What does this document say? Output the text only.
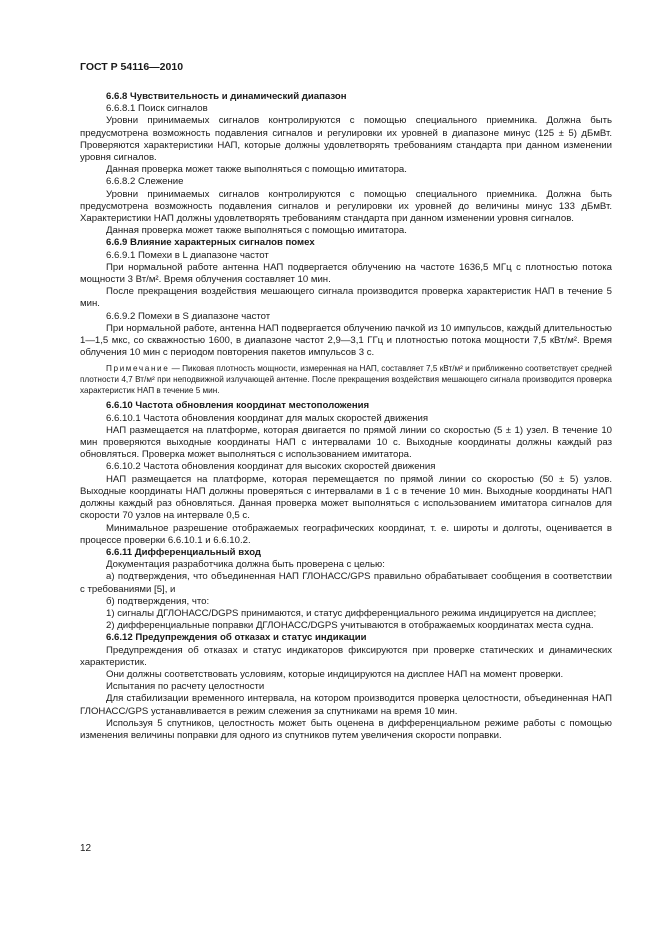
ГОСТ Р 54116—2010

6.6.8 Чувствительность и динамический диапазон

6.6.8.1 Поиск сигналов

Уровни принимаемых сигналов контролируются с помощью специального приемника. Должна быть предусмотрена возможность подавления сигналов и регулировки их уровней в диапазоне минус (125 ± 5) дБмВт. Проверяются характеристики НАП, которые должны удовлетворять требованиям стандарта при данном изменении уровня сигналов.

Данная проверка может также выполняться с помощью имитатора.

6.6.8.2 Слежение

Уровни принимаемых сигналов контролируются с помощью специального приемника. Должна быть предусмотрена возможность подавления сигналов и регулировки их уровней до величины минус 133 дБмВт. Характеристики НАП должны удовлетворять требованиям стандарта при данном изменении уровня сигналов.

Данная проверка может также выполняться с помощью имитатора.

6.6.9 Влияние характерных сигналов помех

6.6.9.1 Помехи в L диапазоне частот

При нормальной работе антенна НАП подвергается облучению на частоте 1636,5 МГц с плотностью потока мощности 3 Вт/м². Время облучения составляет 10 мин.

После прекращения воздействия мешающего сигнала производится проверка характеристик НАП в течение 5 мин.

6.6.9.2 Помехи в S диапазоне частот

При нормальной работе, антенна НАП подвергается облучению пачкой из 10 импульсов, каждый длительностью 1—1,5 мкс, со скважностью 1600, в диапазоне частот 2,9—3,1 ГГц и плотностью потока мощности 7,5 кВт/м². Время облучения 10 мин с периодом повторения пакетов импульсов 3 с.

Примечание — Пиковая плотность мощности, измеренная на НАП, составляет 7,5 кВт/м² и приближенно соответствует средней плотности 4,7 Вт/м² при неподвижной излучающей антенне. После прекращения воздействия мешающего сигнала производится проверка характеристик НАП в течение 5 мин.

6.6.10 Частота обновления координат местоположения

6.6.10.1 Частота обновления координат для малых скоростей движения

НАП размещается на платформе, которая двигается по прямой линии со скоростью (5 ± 1) узел. В течение 10 мин проверяются выходные координаты НАП с интервалами 10 с. Выходные координаты должны каждый раз обновляться. Проверка может выполняться с использованием имитатора.

6.6.10.2 Частота обновления координат для высоких скоростей движения

НАП размещается на платформе, которая перемещается по прямой линии со скоростью (50 ± 5) узлов. Выходные координаты НАП должны проверяться с интервалами в 1 с в течение 10 мин. Выходные координаты НАП должны каждый раз обновляться. Данная проверка может выполняться с использованием имитатора сигналов для скорости 70 узлов на интервале 0,5 с.

Минимальное разрешение отображаемых географических координат, т. е. широты и долготы, оценивается в процессе проверки 6.6.10.1 и 6.6.10.2.

6.6.11 Дифференциальный вход

Документация разработчика должна быть проверена с целью:

а) подтверждения, что объединенная НАП ГЛОНАСС/GPS правильно обрабатывает сообщения в соответствии с требованиями [5], и

б) подтверждения, что:

1) сигналы ДГЛОНАСС/DGPS принимаются, и статус дифференциального режима индицируется на дисплее;

2) дифференциальные поправки ДГЛОНАСС/DGPS учитываются в отображаемых координатах места судна.

6.6.12 Предупреждения об отказах и статус индикации

Предупреждения об отказах и статус индикаторов фиксируются при проверке статических и динамических характеристик.

Они должны соответствовать условиям, которые индицируются на дисплее НАП на момент проверки.

Испытания по расчету целостности

Для стабилизации временного интервала, на котором производится проверка целостности, объединенная НАП ГЛОНАСС/GPS устанавливается в режим слежения за спутниками на время 10 мин.

Используя 5 спутников, целостность может быть оценена в дифференциальном режиме работы с помощью изменения величины поправки для одного из спутников путем увеличения скорости поправки.

12
